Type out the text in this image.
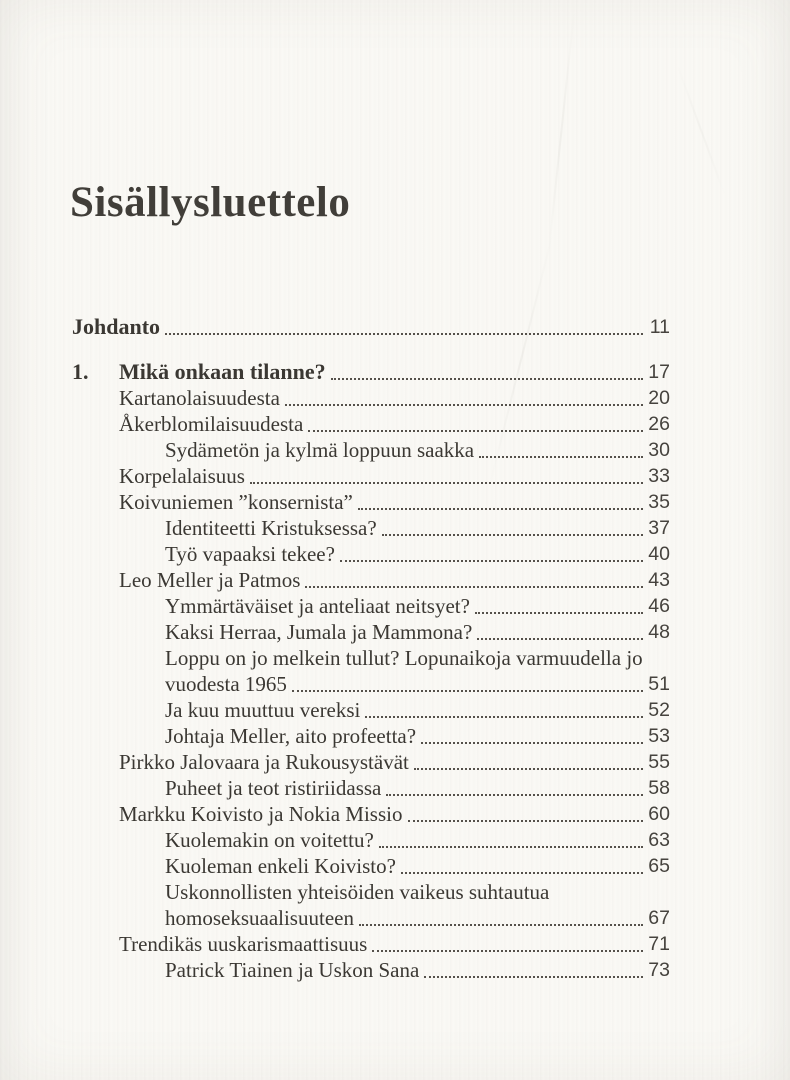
Sisällysluettelo
Johdanto	11
1.	Mikä onkaan tilanne?	17
Kartanolaisuudesta	20
Åkerblomilaisuudesta	26
Sydämetön ja kylmä loppuun saakka	30
Korpelalaisuus	33
Koivuniemen ”konsernista”	35
Identiteetti Kristuksessa?	37
Työ vapaaksi tekee?	40
Leo Meller ja Patmos	43
Ymmärtäväiset ja anteliaat neitsyet?	46
Kaksi Herraa, Jumala ja Mammona?	48
Loppu on jo melkein tullut? Lopunaikoja varmuudella jo
vuodesta 1965	51
Ja kuu muuttuu vereksi	52
Johtaja Meller, aito profeetta?	53
Pirkko Jalovaara ja Rukousystävät	55
Puheet ja teot ristiriidassa	58
Markku Koivisto ja Nokia Missio	60
Kuolemakin on voitettu?	63
Kuoleman enkeli Koivisto?	65
Uskonnollisten yhteisöiden vaikeus suhtautua
homoseksuaalisuuteen	67
Trendikäs uuskarismaattisuus	71
Patrick Tiainen ja Uskon Sana	73
